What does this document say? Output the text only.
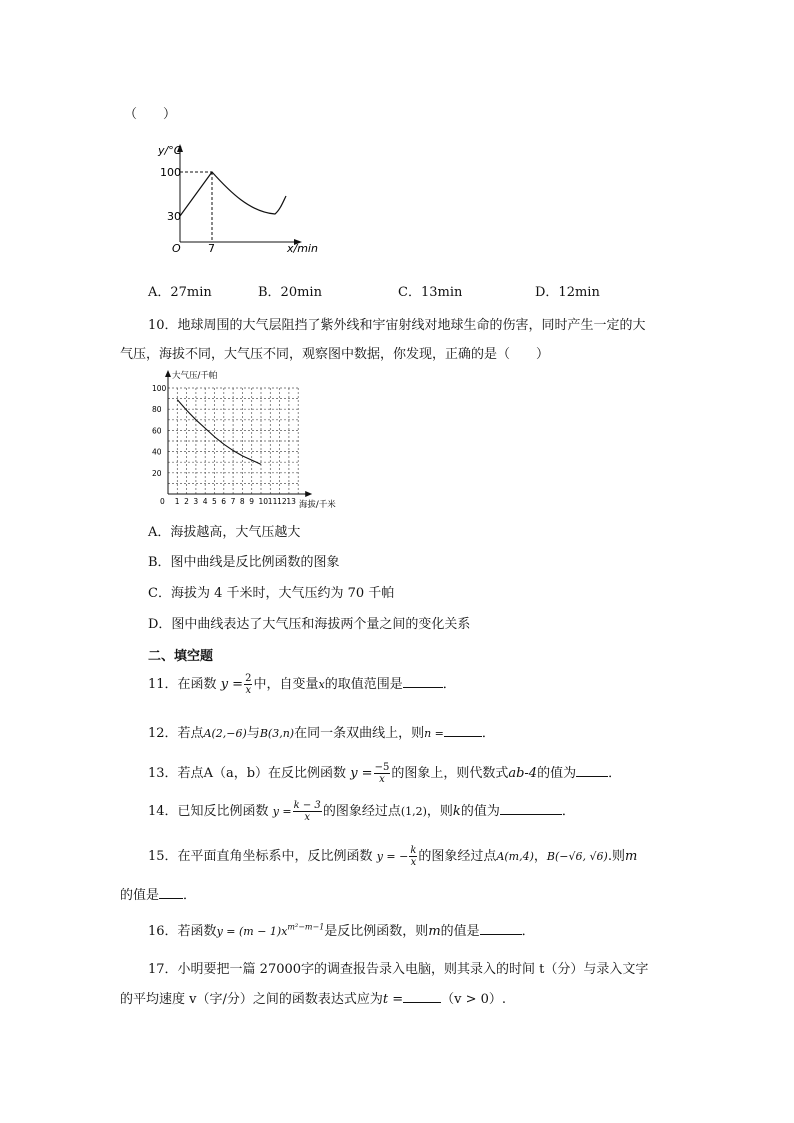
（　　）
y/°C
100
30
O 7	x/min
A．27min	B．20min	C．13min	D．12min
10．地球周围的大气层阻挡了紫外线和宇宙射线对地球生命的伤害，同时产生一定的大
气压，海拔不同，大气压不同，观察图中数据，你发现，正确的是（　　）
100
80
60
40
20
0 1 2 3 4 5 6 7 8 9 10 11 12 13
大气压/千帕
海拔/千米
A．海拔越高，大气压越大
B．图中曲线是反比例函数的图象
C．海拔为 4 千米时，大气压约为 70 千帕
D．图中曲线表达了大气压和海拔两个量之间的变化关系
二、填空题
11．在函数 $y = \frac{2}{x}$ 中，自变量x的取值范围是	．
12．若点A(2,−6)与B(3,n)在同一条双曲线上，则n =	．
13．若点A（a，b）在反比例函数 $y = \frac{-5}{x}$ 的图象上，则代数式ab-4的值为 ．
14．已知反比例函数 $y = \frac{k - 3}{x}$ 的图象经过点(1,2)，则k的值为	．
15．在平面直角坐标系中，反比例函数 y = − $\frac{k}{x}$ 的图象经过点A(m,4)，B(−√6, √6).则m
的值是 ．
16．若函数$y = (m - 1)x^{m^2-m-1}$是反比例函数，则m的值是	．
17．小明要把一篇 27000字的调查报告录入电脑，则其录入的时间 t（分）与录入文字
的平均速度 v（字/分）之间的函数表达式应为t =	（v > 0）.
